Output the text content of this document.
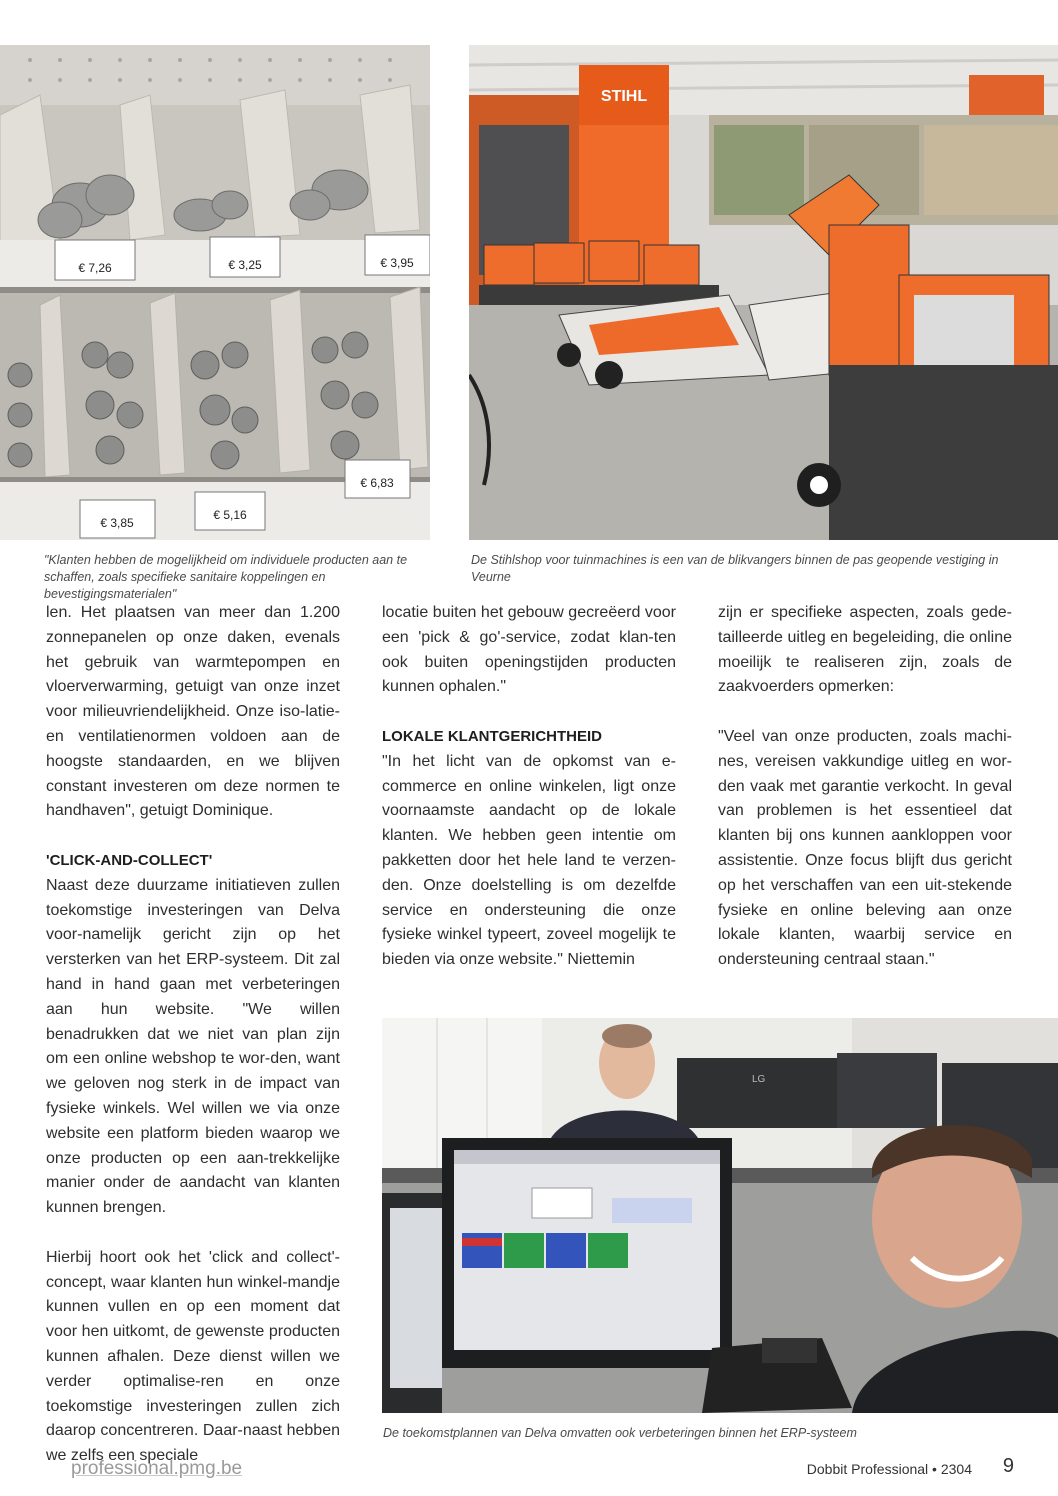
€ 7,26	€ 3,25	€ 3,95
€ 3,85
€ 5,16
€ 6,83
STIHL

"Klanten hebben de mogelijkheid om individuele producten aan te schaffen, zoals specifieke sanitaire koppelingen en bevestigingsmaterialen"

De Stihlshop voor tuinmachines is een van de blikvangers binnen de pas geopende vestiging in Veurne

len. Het plaatsen van meer dan 1.200 zonnepanelen op onze daken, evenals het gebruik van warmtepompen en vloerverwarming, getuigt van onze inzet voor milieuvriendelijkheid. Onze iso-latie- en ventilatienormen voldoen aan de hoogste standaarden, en we blijven constant investeren om deze normen te handhaven", getuigt Dominique.

'CLICK-AND-COLLECT'

Naast deze duurzame initiatieven zullen toekomstige investeringen van Delva voor-namelijk gericht zijn op het versterken van het ERP-systeem. Dit zal hand in hand gaan met verbeteringen aan hun website. "We willen benadrukken dat we niet van plan zijn om een online webshop te wor-den, want we geloven nog sterk in de impact van fysieke winkels. Wel willen we via onze website een platform bieden waarop we onze producten op een aan-trekkelijke manier onder de aandacht van klanten kunnen brengen.

Hierbij hoort ook het 'click and collect'-concept, waar klanten hun winkel-mandje kunnen vullen en op een moment dat voor hen uitkomt, de gewenste producten kunnen afhalen. Deze dienst willen we verder optimalise-ren en onze toekomstige investeringen zullen zich daarop concentreren. Daar-naast hebben we zelfs een speciale

locatie buiten het gebouw gecreëerd voor een 'pick & go'-service, zodat klan-ten ook buiten openingstijden producten kunnen ophalen."

LOKALE KLANTGERICHTHEID

"In het licht van de opkomst van e-commerce en online winkelen, ligt onze voornaamste aandacht op de lokale klanten. We hebben geen intentie om pakketten door het hele land te verzen-den. Onze doelstelling is om dezelfde service en ondersteuning die onze fysieke winkel typeert, zoveel mogelijk te bieden via onze website." Niettemin

zijn er specifieke aspecten, zoals gede-tailleerde uitleg en begeleiding, die online moeilijk te realiseren zijn, zoals de zaakvoerders opmerken:

"Veel van onze producten, zoals machi-nes, vereisen vakkundige uitleg en wor-den vaak met garantie verkocht. In geval van problemen is het essentieel dat klanten bij ons kunnen aankloppen voor assistentie. Onze focus blijft dus gericht op het verschaffen van een uit-stekende fysieke en online beleving aan onze lokale klanten, waarbij service en ondersteuning centraal staan."

LG

De toekomstplannen van Delva omvatten ook verbeteringen binnen het ERP-systeem

professional.pmg.be	Dobbit Professional • 2304 9
